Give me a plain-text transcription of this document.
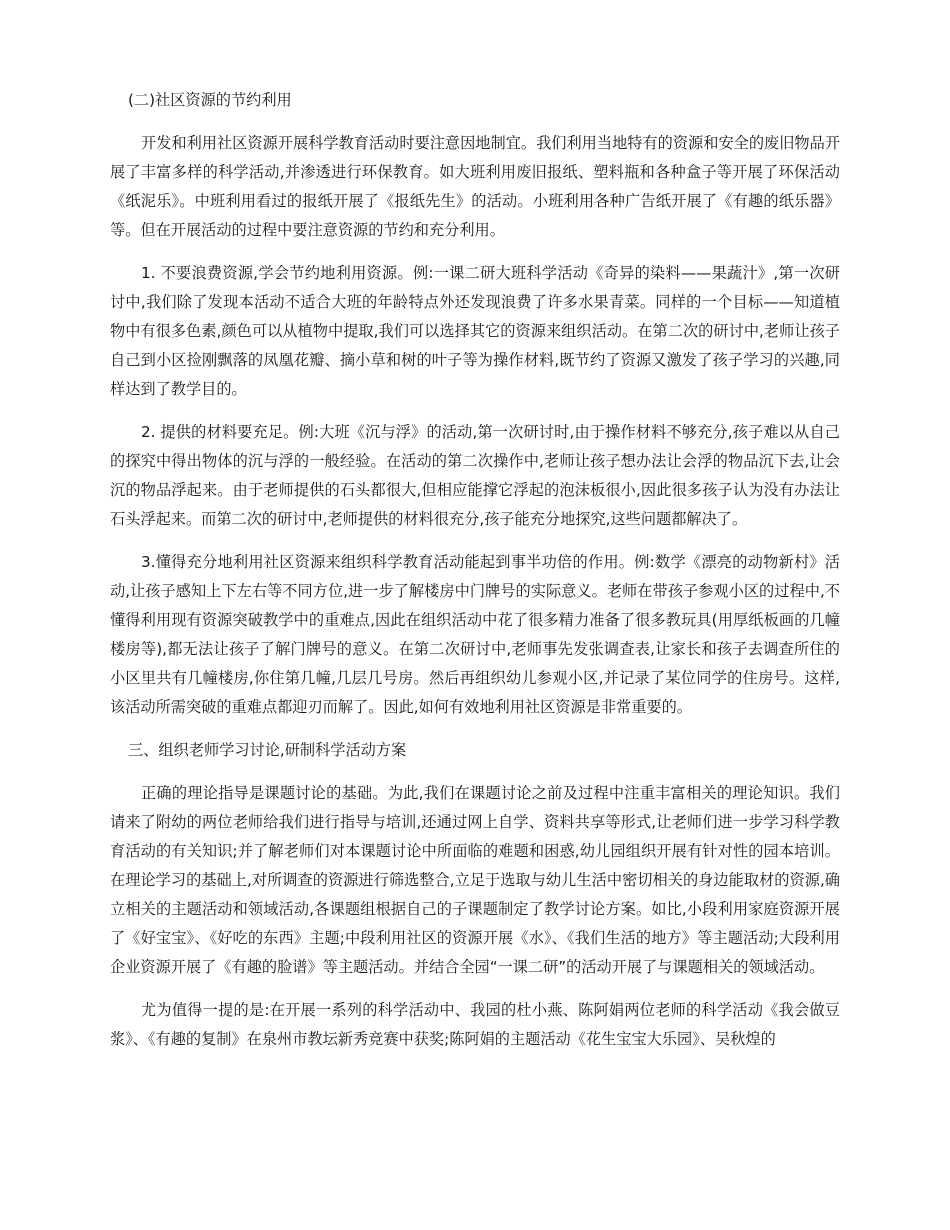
(二)社区资源的节约利用

开发和利用社区资源开展科学教育活动时要注意因地制宜。我们利用当地特有的资源和安全的废旧物品开展了丰富多样的科学活动,并渗透进行环保教育。如大班利用废旧报纸、塑料瓶和各种盒子等开展了环保活动《纸泥乐》。中班利用看过的报纸开展了《报纸先生》的活动。小班利用各种广告纸开展了《有趣的纸乐器》等。但在开展活动的过程中要注意资源的节约和充分利用。

1. 不要浪费资源,学会节约地利用资源。例:一课二研大班科学活动《奇异的染料——果蔬汁》,第一次研讨中,我们除了发现本活动不适合大班的年龄特点外还发现浪费了许多水果青菜。同样的一个目标——知道植物中有很多色素,颜色可以从植物中提取,我们可以选择其它的资源来组织活动。在第二次的研讨中,老师让孩子自己到小区捡刚飘落的凤凰花瓣、摘小草和树的叶子等为操作材料,既节约了资源又激发了孩子学习的兴趣,同样达到了教学目的。

2. 提供的材料要充足。例:大班《沉与浮》的活动,第一次研讨时,由于操作材料不够充分,孩子难以从自己的探究中得出物体的沉与浮的一般经验。在活动的第二次操作中,老师让孩子想办法让会浮的物品沉下去,让会沉的物品浮起来。由于老师提供的石头都很大,但相应能撑它浮起的泡沫板很小,因此很多孩子认为没有办法让石头浮起来。而第二次的研讨中,老师提供的材料很充分,孩子能充分地探究,这些问题都解决了。

3.懂得充分地利用社区资源来组织科学教育活动能起到事半功倍的作用。例:数学《漂亮的动物新村》活动,让孩子感知上下左右等不同方位,进一步了解楼房中门牌号的实际意义。老师在带孩子参观小区的过程中,不懂得利用现有资源突破教学中的重难点,因此在组织活动中花了很多精力准备了很多教玩具(用厚纸板画的几幢楼房等),都无法让孩子了解门牌号的意义。在第二次研讨中,老师事先发张调查表,让家长和孩子去调查所住的小区里共有几幢楼房,你住第几幢,几层几号房。然后再组织幼儿参观小区,并记录了某位同学的住房号。这样,该活动所需突破的重难点都迎刃而解了。因此,如何有效地利用社区资源是非常重要的。

三、组织老师学习讨论,研制科学活动方案

正确的理论指导是课题讨论的基础。为此,我们在课题讨论之前及过程中注重丰富相关的理论知识。我们请来了附幼的两位老师给我们进行指导与培训,还通过网上自学、资料共享等形式,让老师们进一步学习科学教育活动的有关知识;并了解老师们对本课题讨论中所面临的难题和困惑,幼儿园组织开展有针对性的园本培训。在理论学习的基础上,对所调查的资源进行筛选整合,立足于选取与幼儿生活中密切相关的身边能取材的资源,确立相关的主题活动和领域活动,各课题组根据自己的子课题制定了教学讨论方案。如比,小段利用家庭资源开展了《好宝宝》、《好吃的东西》主题;中段利用社区的资源开展《水》、《我们生活的地方》等主题活动;大段利用企业资源开展了《有趣的脸谱》等主题活动。并结合全园“一课二研”的活动开展了与课题相关的领域活动。

尤为值得一提的是:在开展一系列的科学活动中、我园的杜小燕、陈阿娟两位老师的科学活动《我会做豆浆》、《有趣的复制》在泉州市教坛新秀竞赛中获奖;陈阿娟的主题活动《花生宝宝大乐园》、吴秋煌的
